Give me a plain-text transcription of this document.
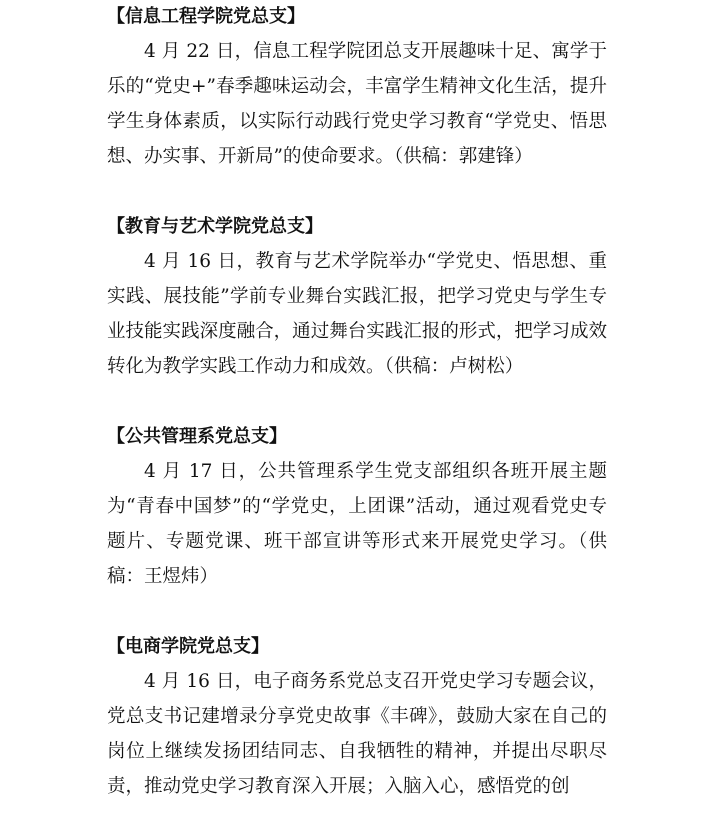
【信息工程学院党总支】

4 月 22 日，信息工程学院团总支开展趣味十足、寓学于乐的“党史+”春季趣味运动会，丰富学生精神文化生活，提升学生身体素质，以实际行动践行党史学习教育“学党史、悟思想、办实事、开新局”的使命要求。（供稿：郭建锋）

【教育与艺术学院党总支】

4 月 16 日，教育与艺术学院举办“学党史、悟思想、重实践、展技能”学前专业舞台实践汇报，把学习党史与学生专业技能实践深度融合，通过舞台实践汇报的形式，把学习成效转化为教学实践工作动力和成效。（供稿：卢树松）

【公共管理系党总支】

4 月 17 日，公共管理系学生党支部组织各班开展主题为“青春中国梦”的“学党史，上团课”活动，通过观看党史专题片、专题党课、班干部宣讲等形式来开展党史学习。（供稿：王煜炜）

【电商学院党总支】

4 月 16 日，电子商务系党总支召开党史学习专题会议，党总支书记建增录分享党史故事《丰碑》，鼓励大家在自己的岗位上继续发扬团结同志、自我牺牲的精神，并提出尽职尽责，推动党史学习教育深入开展；入脑入心，感悟党的创
